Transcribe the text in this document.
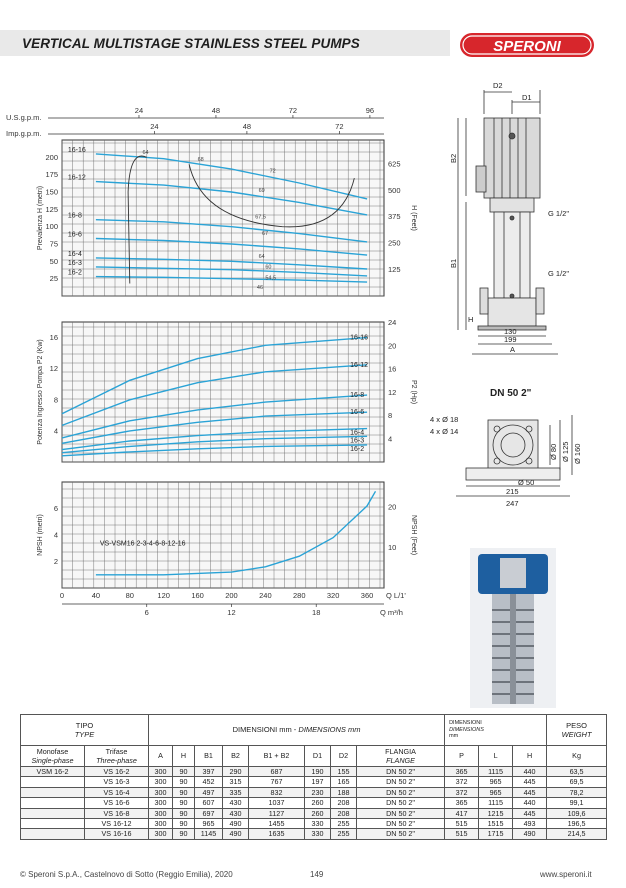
VERTICAL MULTISTAGE STAINLESS STEEL PUMPS	SPERONI
25
50
75
100
125
150
175
200
125
250
375
500
625
Prevalenza H (metri)	H (Feet)
16-16
16-12
16-8
16-6
16-4
16-3
16-2
64
68
72
69
67,5
67
64
60
54,5
46
U.S.g.p.m.
Imp.g.p.m.
24	48	72	96
24	48	72
4
8
12
16
4
8
12
16
20
24
Potenza Ingresso Pompa P2 (Kw)	P2 (Hp)
16-16
16-12
16-8
16-6
16-4
16-3
16-2
2
4
6
10
20
NPSH (metri)	NPSH (Feet)
VS-VSM16 2-3-4-6-8-12-16
0	40	80	120	160	200	240	280	320	360 Q L/1'
6	12	18	Q m³/h
D2
D1
B2
B1
H
G 1/2"
G 1/2"
130
199
A
DN 50 2"
4 x Ø 18
4 x Ø 14
Ø 80 Ø 125 Ø 160
Ø 50
215
247
TIPO
TYPE		DIMENSIONI mm - DIMENSIONS mm								DIMENSIONI
DIMENSIONS
mm			PESO
WEIGHT
Monofase
Single-phase	Trifase
Three-phase	A	H	B1	B2	B1 + B2	D1	D2	FLANGIA
FLANGE	P	L	H	Kg
VSM 16-2	VS 16-2	300	90	397	290	687	190	155	DN 50 2"	365	1115	440	63,5
	VS 16-3	300	90	452	315	767	197	165	DN 50 2"	372	965	445	69,5
	VS 16-4	300	90	497	335	832	230	188	DN 50 2"	372	965	445	78,2
	VS 16-6	300	90	607	430	1037	260	208	DN 50 2"	365	1115	440	99,1
	VS 16-8	300	90	697	430	1127	260	208	DN 50 2"	417	1215	445	109,6
	VS 16-12	300	90	965	490	1455	330	255	DN 50 2"	515	1515	493	196,5
	VS 16-16	300	90	1145	490	1635	330	255	DN 50 2"	515	1715	490	214,5
© Speroni S.p.A., Castelnovo di Sotto (Reggio Emilia), 2020	149	www.speroni.it
